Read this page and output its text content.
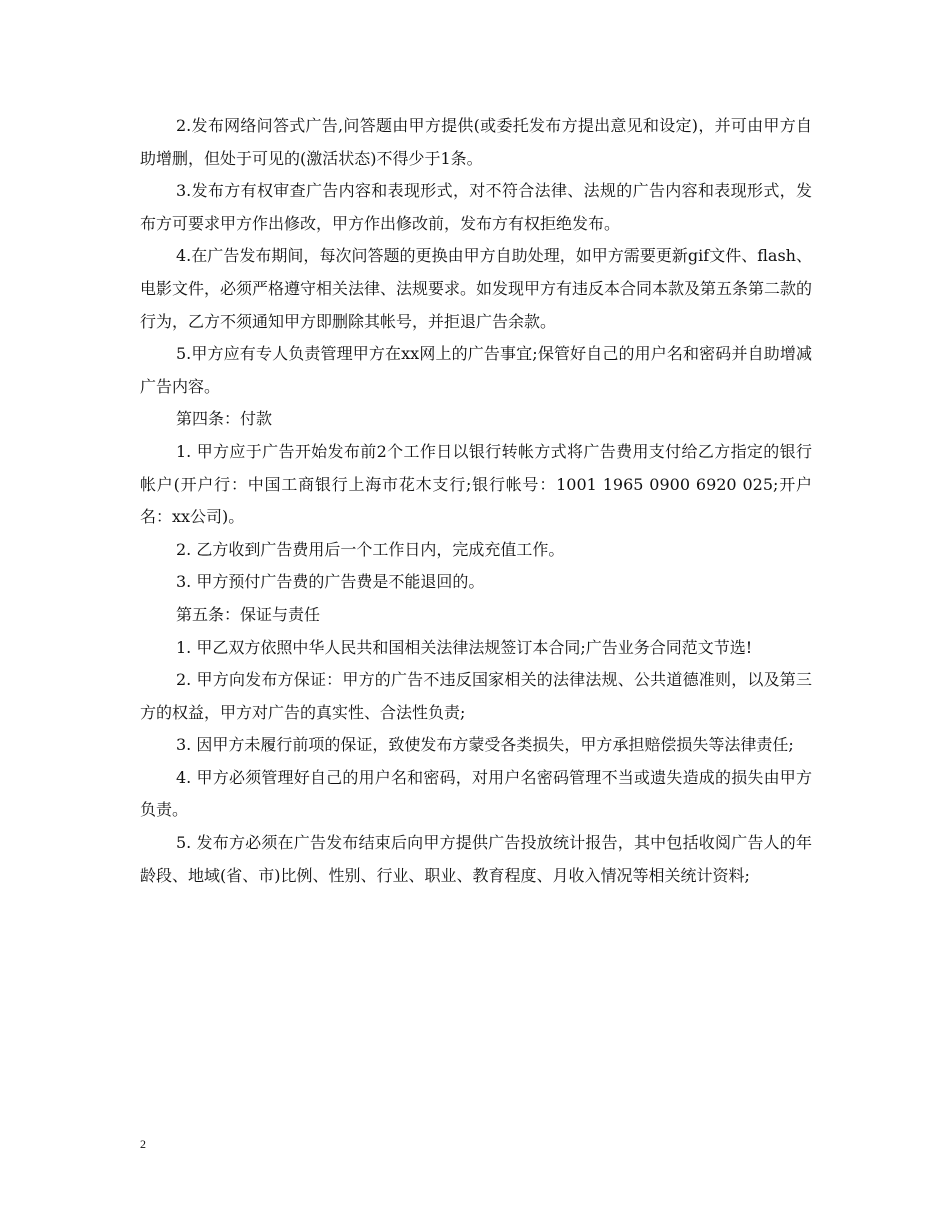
2.发布网络问答式广告,问答题由甲方提供(或委托发布方提出意见和设定)，并可由甲方自助增删，但处于可见的(激活状态)不得少于1条。

3.发布方有权审查广告内容和表现形式，对不符合法律、法规的广告内容和表现形式，发布方可要求甲方作出修改，甲方作出修改前，发布方有权拒绝发布。

4.在广告发布期间，每次问答题的更换由甲方自助处理，如甲方需要更新gif文件、flash、电影文件，必须严格遵守相关法律、法规要求。如发现甲方有违反本合同本款及第五条第二款的行为，乙方不须通知甲方即删除其帐号，并拒退广告余款。

5.甲方应有专人负责管理甲方在xx网上的广告事宜;保管好自己的用户名和密码并自助增减广告内容。

第四条：付款

1. 甲方应于广告开始发布前2个工作日以银行转帐方式将广告费用支付给乙方指定的银行帐户(开户行：中国工商银行上海市花木支行;银行帐号：1001 1965 0900 6920 025;开户名：xx公司)。

2. 乙方收到广告费用后一个工作日内，完成充值工作。

3. 甲方预付广告费的广告费是不能退回的。

第五条：保证与责任

1. 甲乙双方依照中华人民共和国相关法律法规签订本合同;广告业务合同范文节选!

2. 甲方向发布方保证：甲方的广告不违反国家相关的法律法规、公共道德准则，以及第三方的权益，甲方对广告的真实性、合法性负责;

3. 因甲方未履行前项的保证，致使发布方蒙受各类损失，甲方承担赔偿损失等法律责任;

4. 甲方必须管理好自己的用户名和密码，对用户名密码管理不当或遗失造成的损失由甲方负责。

5. 发布方必须在广告发布结束后向甲方提供广告投放统计报告，其中包括收阅广告人的年龄段、地域(省、市)比例、性别、行业、职业、教育程度、月收入情况等相关统计资料;

2
